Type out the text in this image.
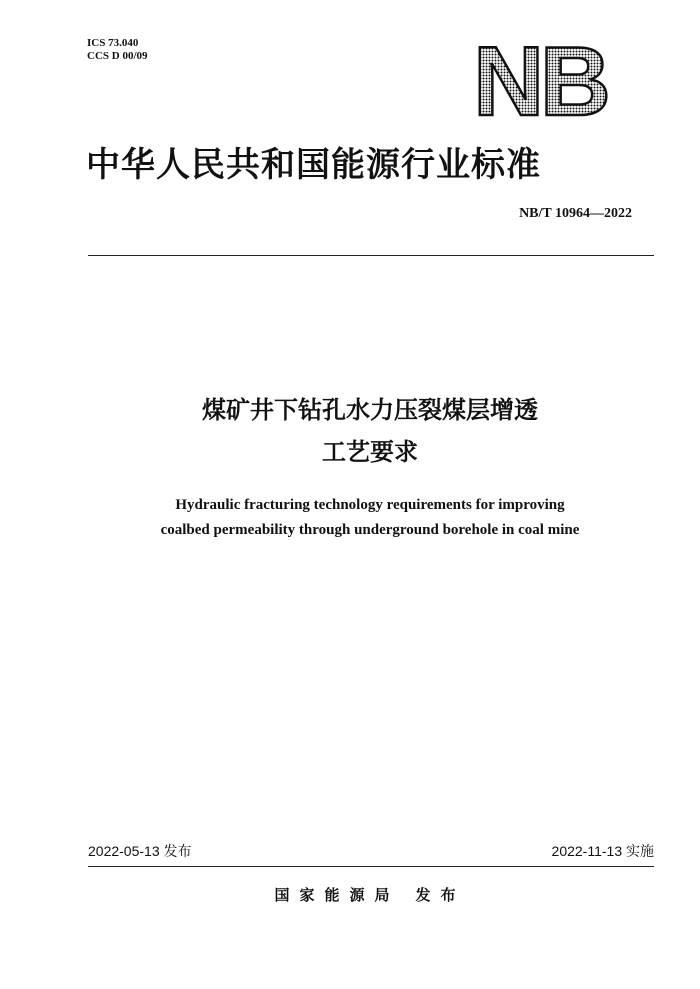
ICS 73.040
CCS D 00/09	NB
中华人民共和国能源行业标准
NB/T 10964—2022
煤矿井下钻孔水力压裂煤层增透
工艺要求
Hydraulic fracturing technology requirements for improving
coalbed permeability through underground borehole in coal mine
2022-05-13 发布	2022-11-13 实施
国家能源局 发布
